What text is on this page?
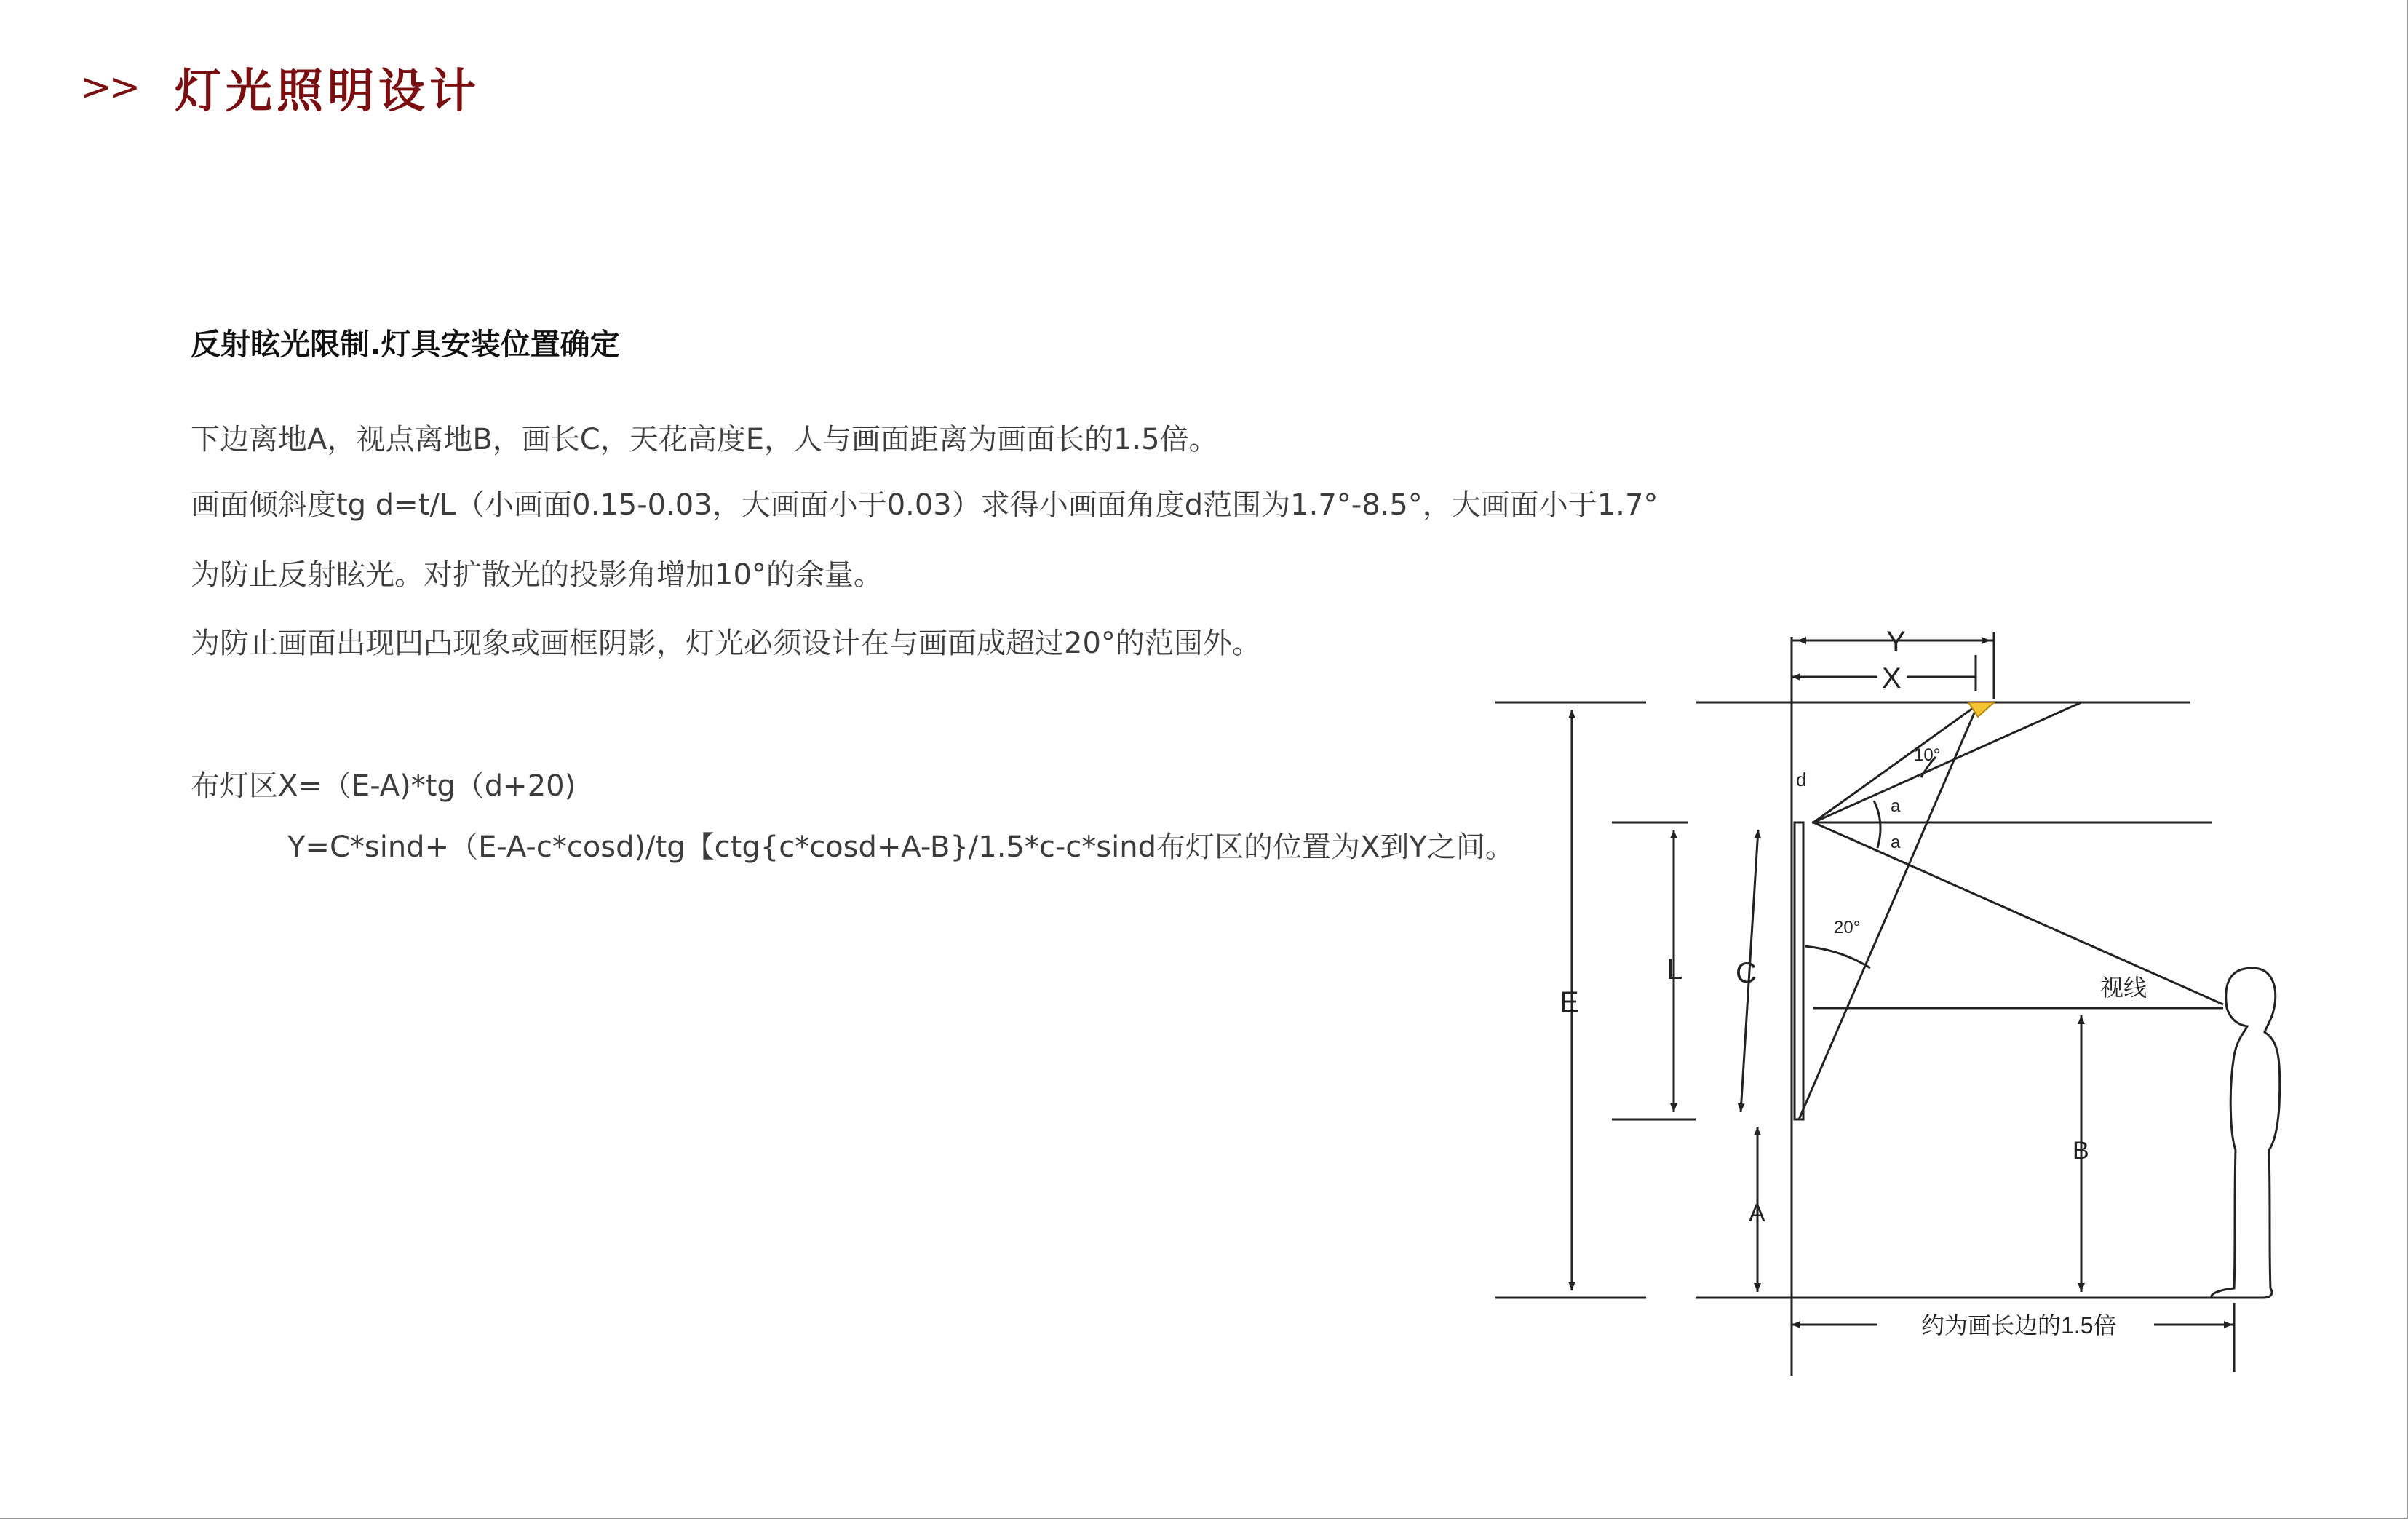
>> 灯光照明设计
反射眩光限制.灯具安装位置确定
下边离地A，视点离地B，画长C，天花高度E，人与画面距离为画面长的1.5倍。
画面倾斜度tg d=t/L（小画面0.15-0.03，大画面小于0.03）求得小画面角度d范围为1.7°-8.5°，大画面小于1.7°
为防止反射眩光。对扩散光的投影角增加10°的余量。
为防止画面出现凹凸现象或画框阴影，灯光必须设计在与画面成超过20°的范围外。
布灯区X=（E-A)*tg（d+20)
Y=C*sind+（E-A-c*cosd)/tg【ctg{c*cosd+A-B}/1.5*c-c*sind布灯区的位置为X到Y之间。
Y
X
d
10°
a
a
20°
E
L C	视线
B
A
约为画长边的1.5倍
